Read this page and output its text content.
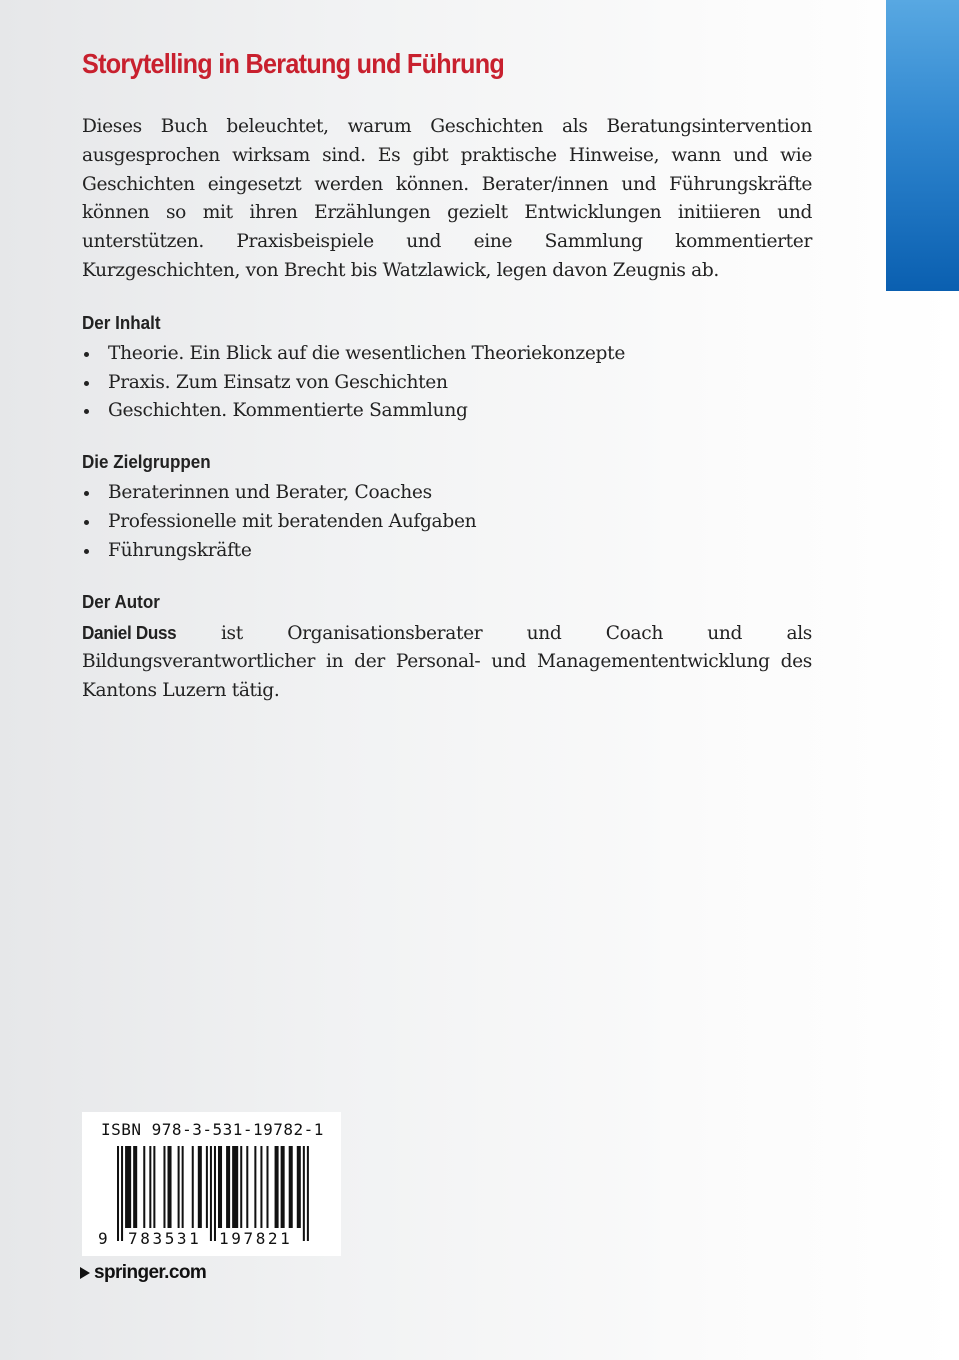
Storytelling in Beratung und Führung

Dieses Buch beleuchtet, warum Geschichten als Beratungsintervention ausgesprochen wirksam sind. Es gibt praktische Hinweise, wann und wie Geschichten eingesetzt werden können. Berater/innen und Führungskräfte können so mit ihren Erzählungen gezielt Entwicklungen initiieren und unterstützen. Praxisbeispiele und eine Sammlung kommentierter Kurzgeschichten, von Brecht bis Watzlawick, legen davon Zeugnis ab.

Der Inhalt
Theorie. Ein Blick auf die wesentlichen Theoriekonzepte
Praxis. Zum Einsatz von Geschichten
Geschichten. Kommentierte Sammlung
Die Zielgruppen
Beraterinnen und Berater, Coaches
Professionelle mit beratenden Aufgaben
Führungskräfte
Der Autor

Daniel Duss ist Organisationsberater und Coach und als Bildungsverantwortlicher in der Personal- und Managemententwicklung des Kantons Luzern tätig.

ISBN 978-3-531-19782-1
9 783531 197821
springer.com
